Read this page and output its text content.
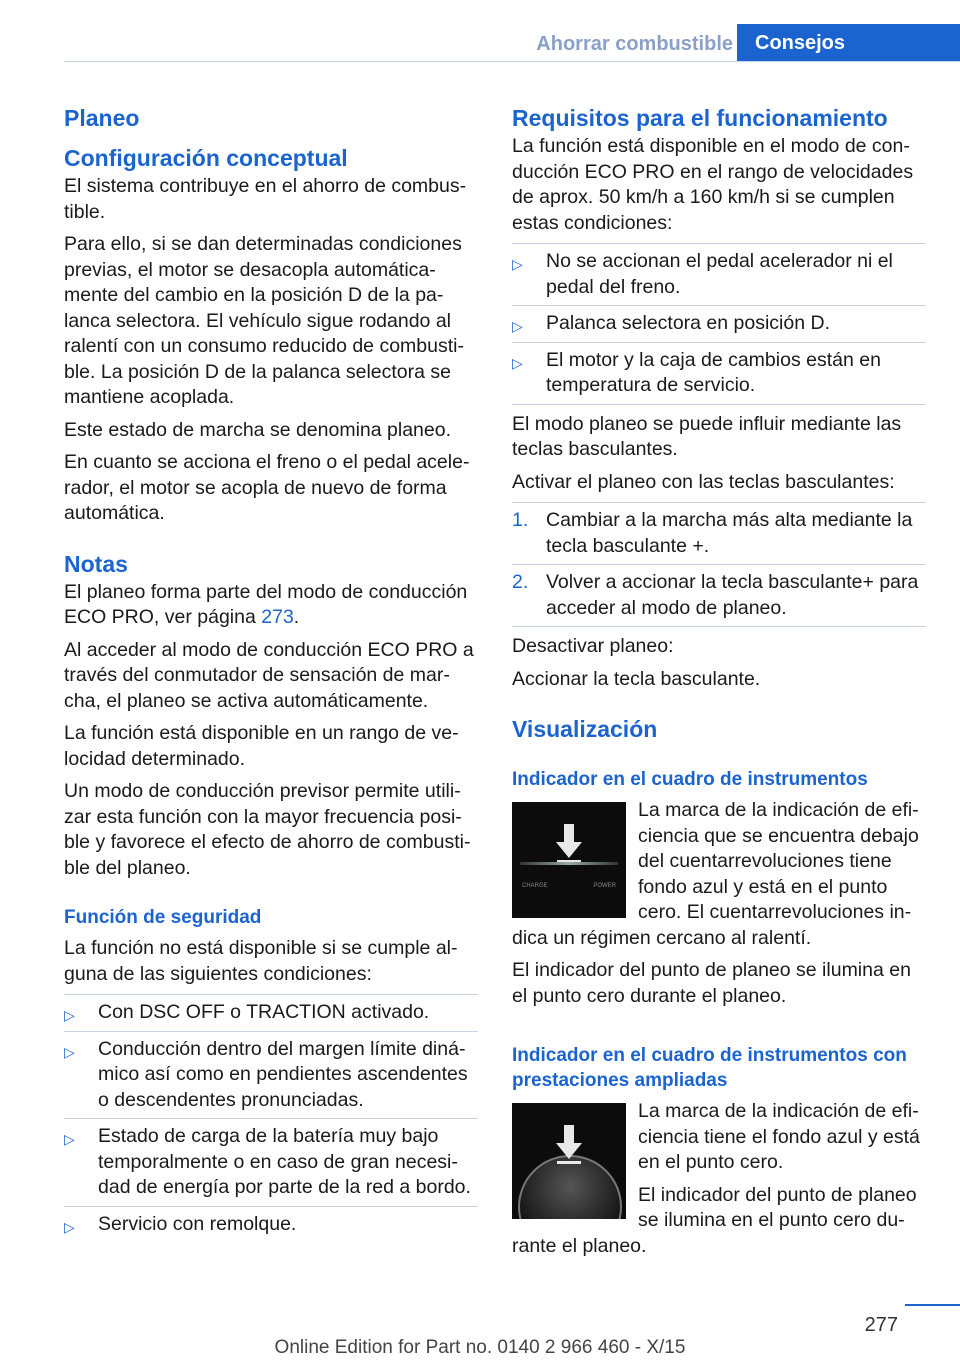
Ahorrar combustible	Consejos
Planeo
Configuración conceptual

El sistema contribuye en el ahorro de combustible.

Para ello, si se dan determinadas condiciones previas, el motor se desacopla automáticamente del cambio en la posición D de la palanca selectora. El vehículo sigue rodando al ralentí con un consumo reducido de combustible. La posición D de la palanca selectora se mantiene acoplada.

Este estado de marcha se denomina planeo.

En cuanto se acciona el freno o el pedal acelerador, el motor se acopla de nuevo de forma automática.

Notas

El planeo forma parte del modo de conducción ECO PRO, ver página 273.

Al acceder al modo de conducción ECO PRO a través del conmutador de sensación de marcha, el planeo se activa automáticamente.

La función está disponible en un rango de velocidad determinado.

Un modo de conducción previsor permite utilizar esta función con la mayor frecuencia posible y favorece el efecto de ahorro de combustible del planeo.

Función de seguridad

La función no está disponible si se cumple alguna de las siguientes condiciones:

▷ Con DSC OFF o TRACTION activado.
▷ Conducción dentro del margen límite dinámico así como en pendientes ascendentes o descendentes pronunciadas.
▷ Estado de carga de la batería muy bajo temporalmente o en caso de gran necesidad de energía por parte de la red a bordo.
▷ Servicio con remolque.
Requisitos para el funcionamiento

La función está disponible en el modo de conducción ECO PRO en el rango de velocidades de aprox. 50 km/h a 160 km/h si se cumplen estas condiciones:

▷ No se accionan el pedal acelerador ni el pedal del freno.
▷ Palanca selectora en posición D.
▷ El motor y la caja de cambios están en temperatura de servicio.

El modo planeo se puede influir mediante las teclas basculantes.

Activar el planeo con las teclas basculantes:

1. Cambiar a la marcha más alta mediante la tecla basculante +.
2. Volver a accionar la tecla basculante+ para acceder al modo de planeo.

Desactivar planeo:

Accionar la tecla basculante.

Visualización
Indicador en el cuadro de instrumentos
CHARGE	POWER

La marca de la indicación de eficiencia que se encuentra debajo del cuentarrevoluciones tiene fondo azul y está en el punto cero. El cuentarrevoluciones indica un régimen cercano al ralentí.

El indicador del punto de planeo se ilumina en el punto cero durante el planeo.

Indicador en el cuadro de instrumentos con prestaciones ampliadas

La marca de la indicación de eficiencia tiene el fondo azul y está en el punto cero.

El indicador del punto de planeo se ilumina en el punto cero durante el planeo.

277
Online Edition for Part no. 0140 2 966 460 - X/15
